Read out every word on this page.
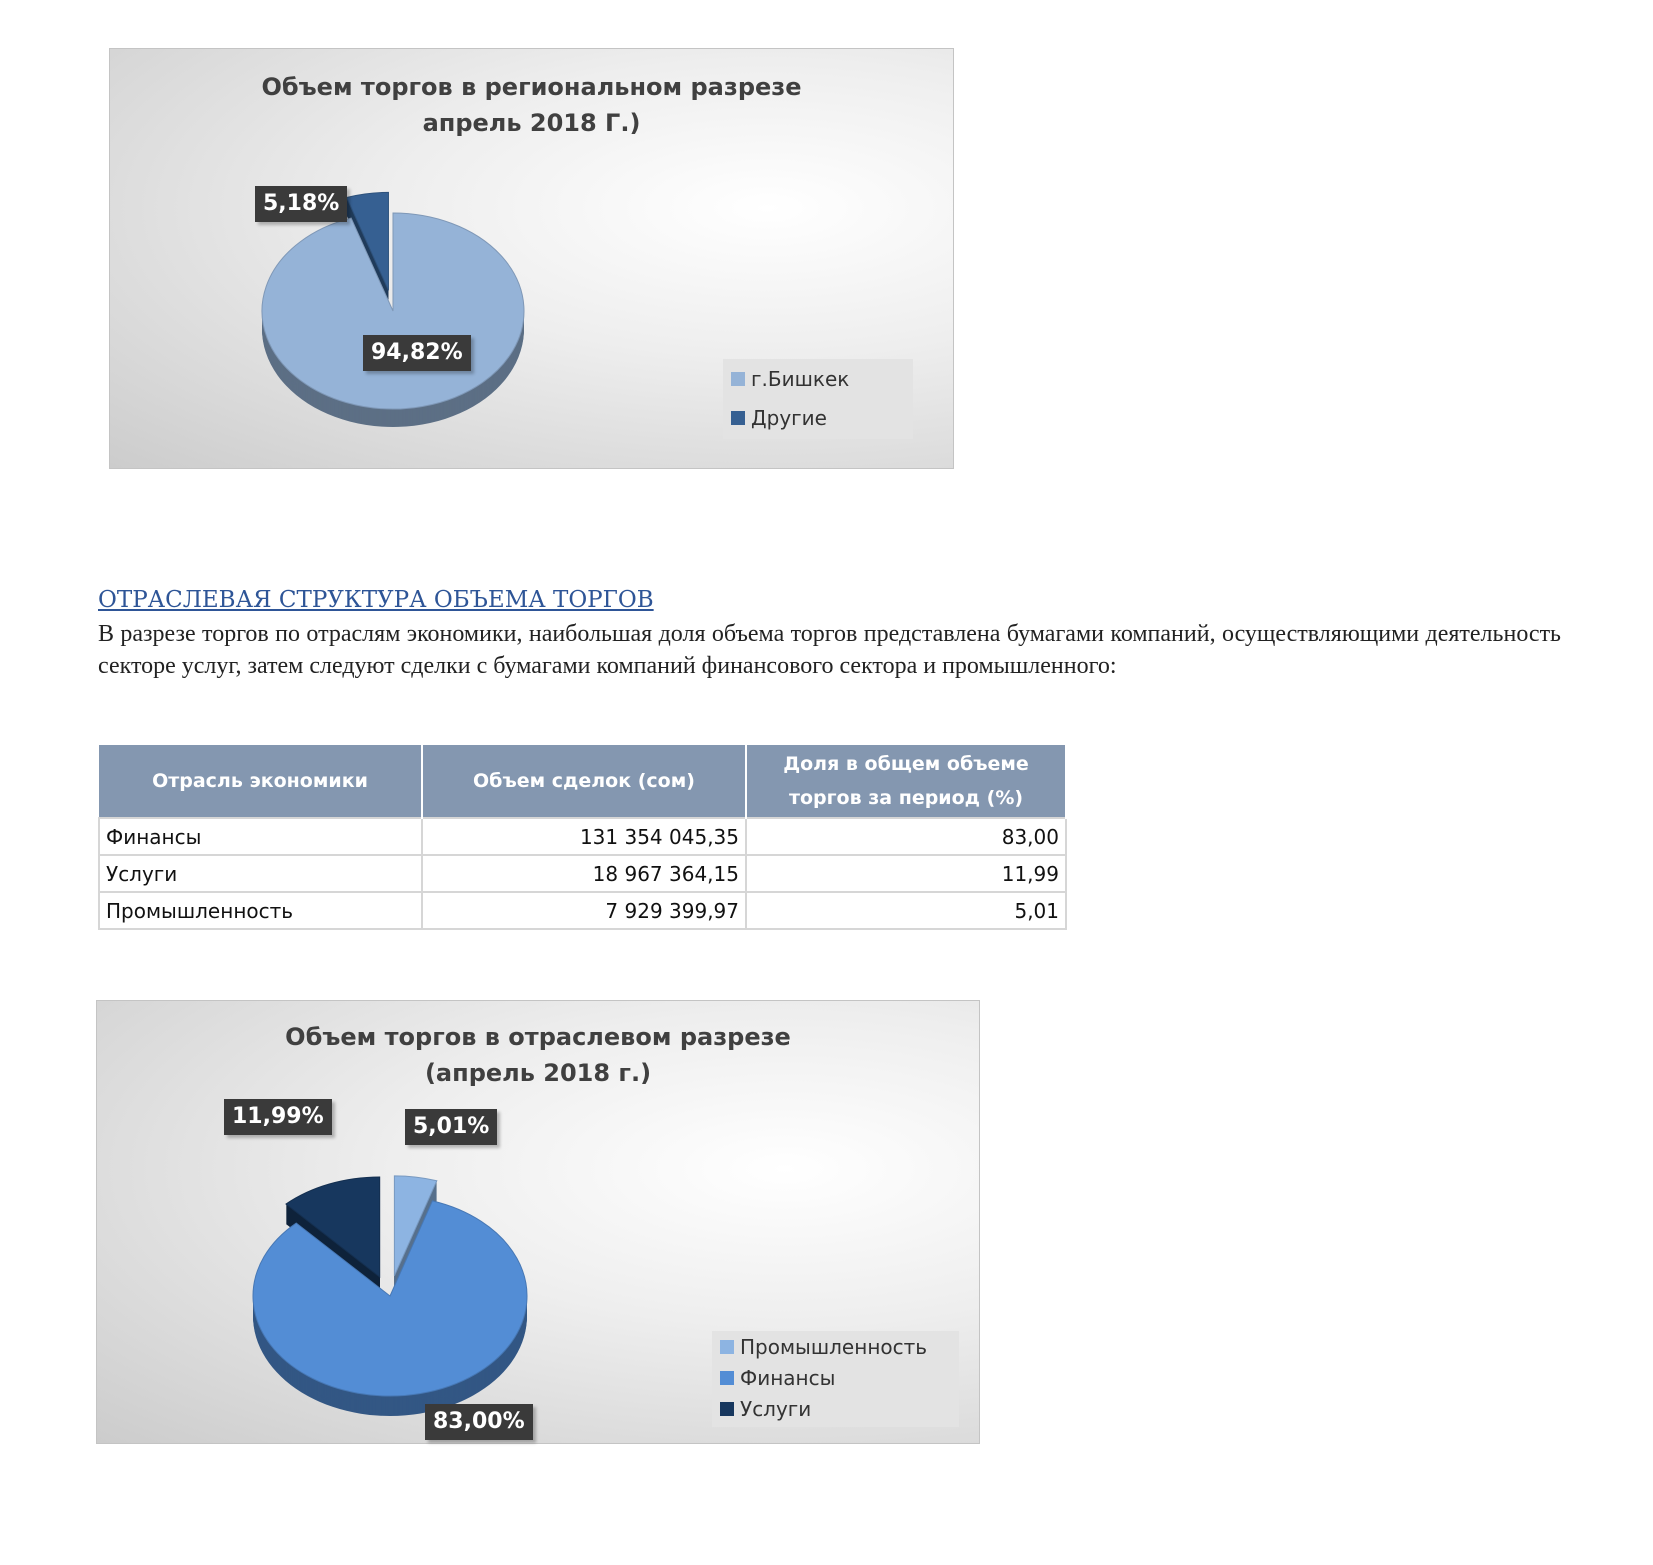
Объем торгов в региональном разрезе
апрель 2018 Г.)
94,82%
5,18%
г.Бишкек
Другие
ОТРАСЛЕВАЯ СТРУКТУРА ОБЪЕМА ТОРГОВ
В разрезе торгов по отраслям экономики, наибольшая доля объема торгов представлена бумагами компаний, осуществляющими деятельность секторе услуг, затем следуют сделки с бумагами компаний финансового сектора и промышленного:
Отрасль экономики	Объем сделок (сом)	Доля в общем объеме торгов за период (%)
Финансы	131 354 045,35	83,00
Услуги	18 967 364,15	11,99
Промышленность	7 929 399,97	5,01
Объем торгов в отраслевом разрезе
(апрель 2018 г.)
11,99%	5,01%
83,00%
Промышленность
Финансы
Услуги
